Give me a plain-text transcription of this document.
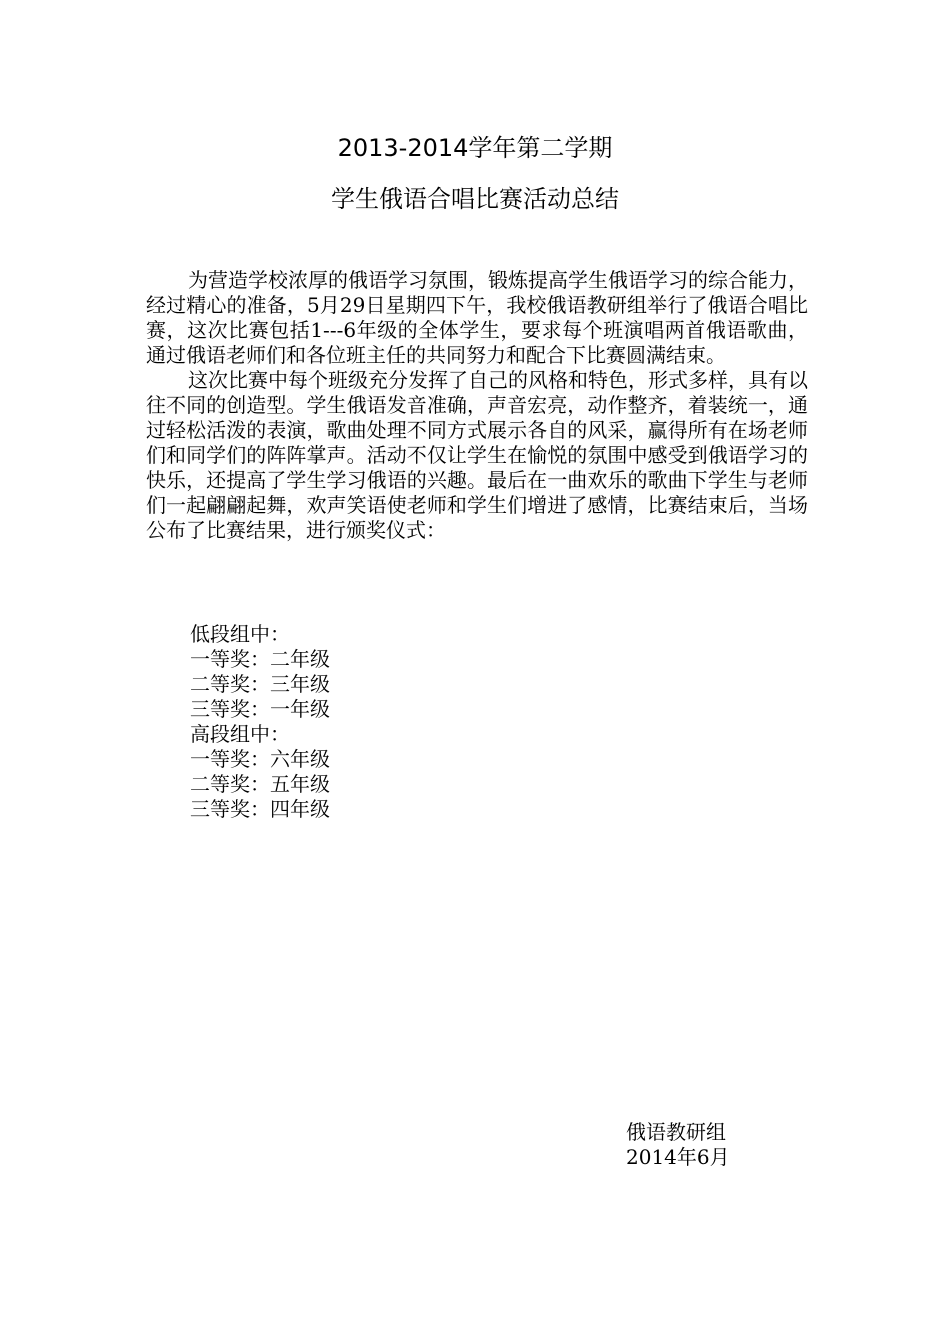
2013-2014学年第二学期
学生俄语合唱比赛活动总结

为营造学校浓厚的俄语学习氛围，锻炼提高学生俄语学习的综合能力，经过精心的准备，5月29日星期四下午，我校俄语教研组举行了俄语合唱比赛，这次比赛包括1---6年级的全体学生，要求每个班演唱两首俄语歌曲，通过俄语老师们和各位班主任的共同努力和配合下比赛圆满结束。

这次比赛中每个班级充分发挥了自己的风格和特色，形式多样，具有以往不同的创造型。学生俄语发音准确，声音宏亮，动作整齐，着装统一，通过轻松活泼的表演，歌曲处理不同方式展示各自的风采，赢得所有在场老师们和同学们的阵阵掌声。活动不仅让学生在愉悦的氛围中感受到俄语学习的快乐，还提高了学生学习俄语的兴趣。最后在一曲欢乐的歌曲下学生与老师们一起翩翩起舞，欢声笑语使老师和学生们增进了感情，比赛结束后，当场公布了比赛结果，进行颁奖仪式：

低段组中：
一等奖：二年级
二等奖：三年级
三等奖：一年级
高段组中：
一等奖：六年级
二等奖：五年级
三等奖：四年级
俄语教研组
2014年6月
